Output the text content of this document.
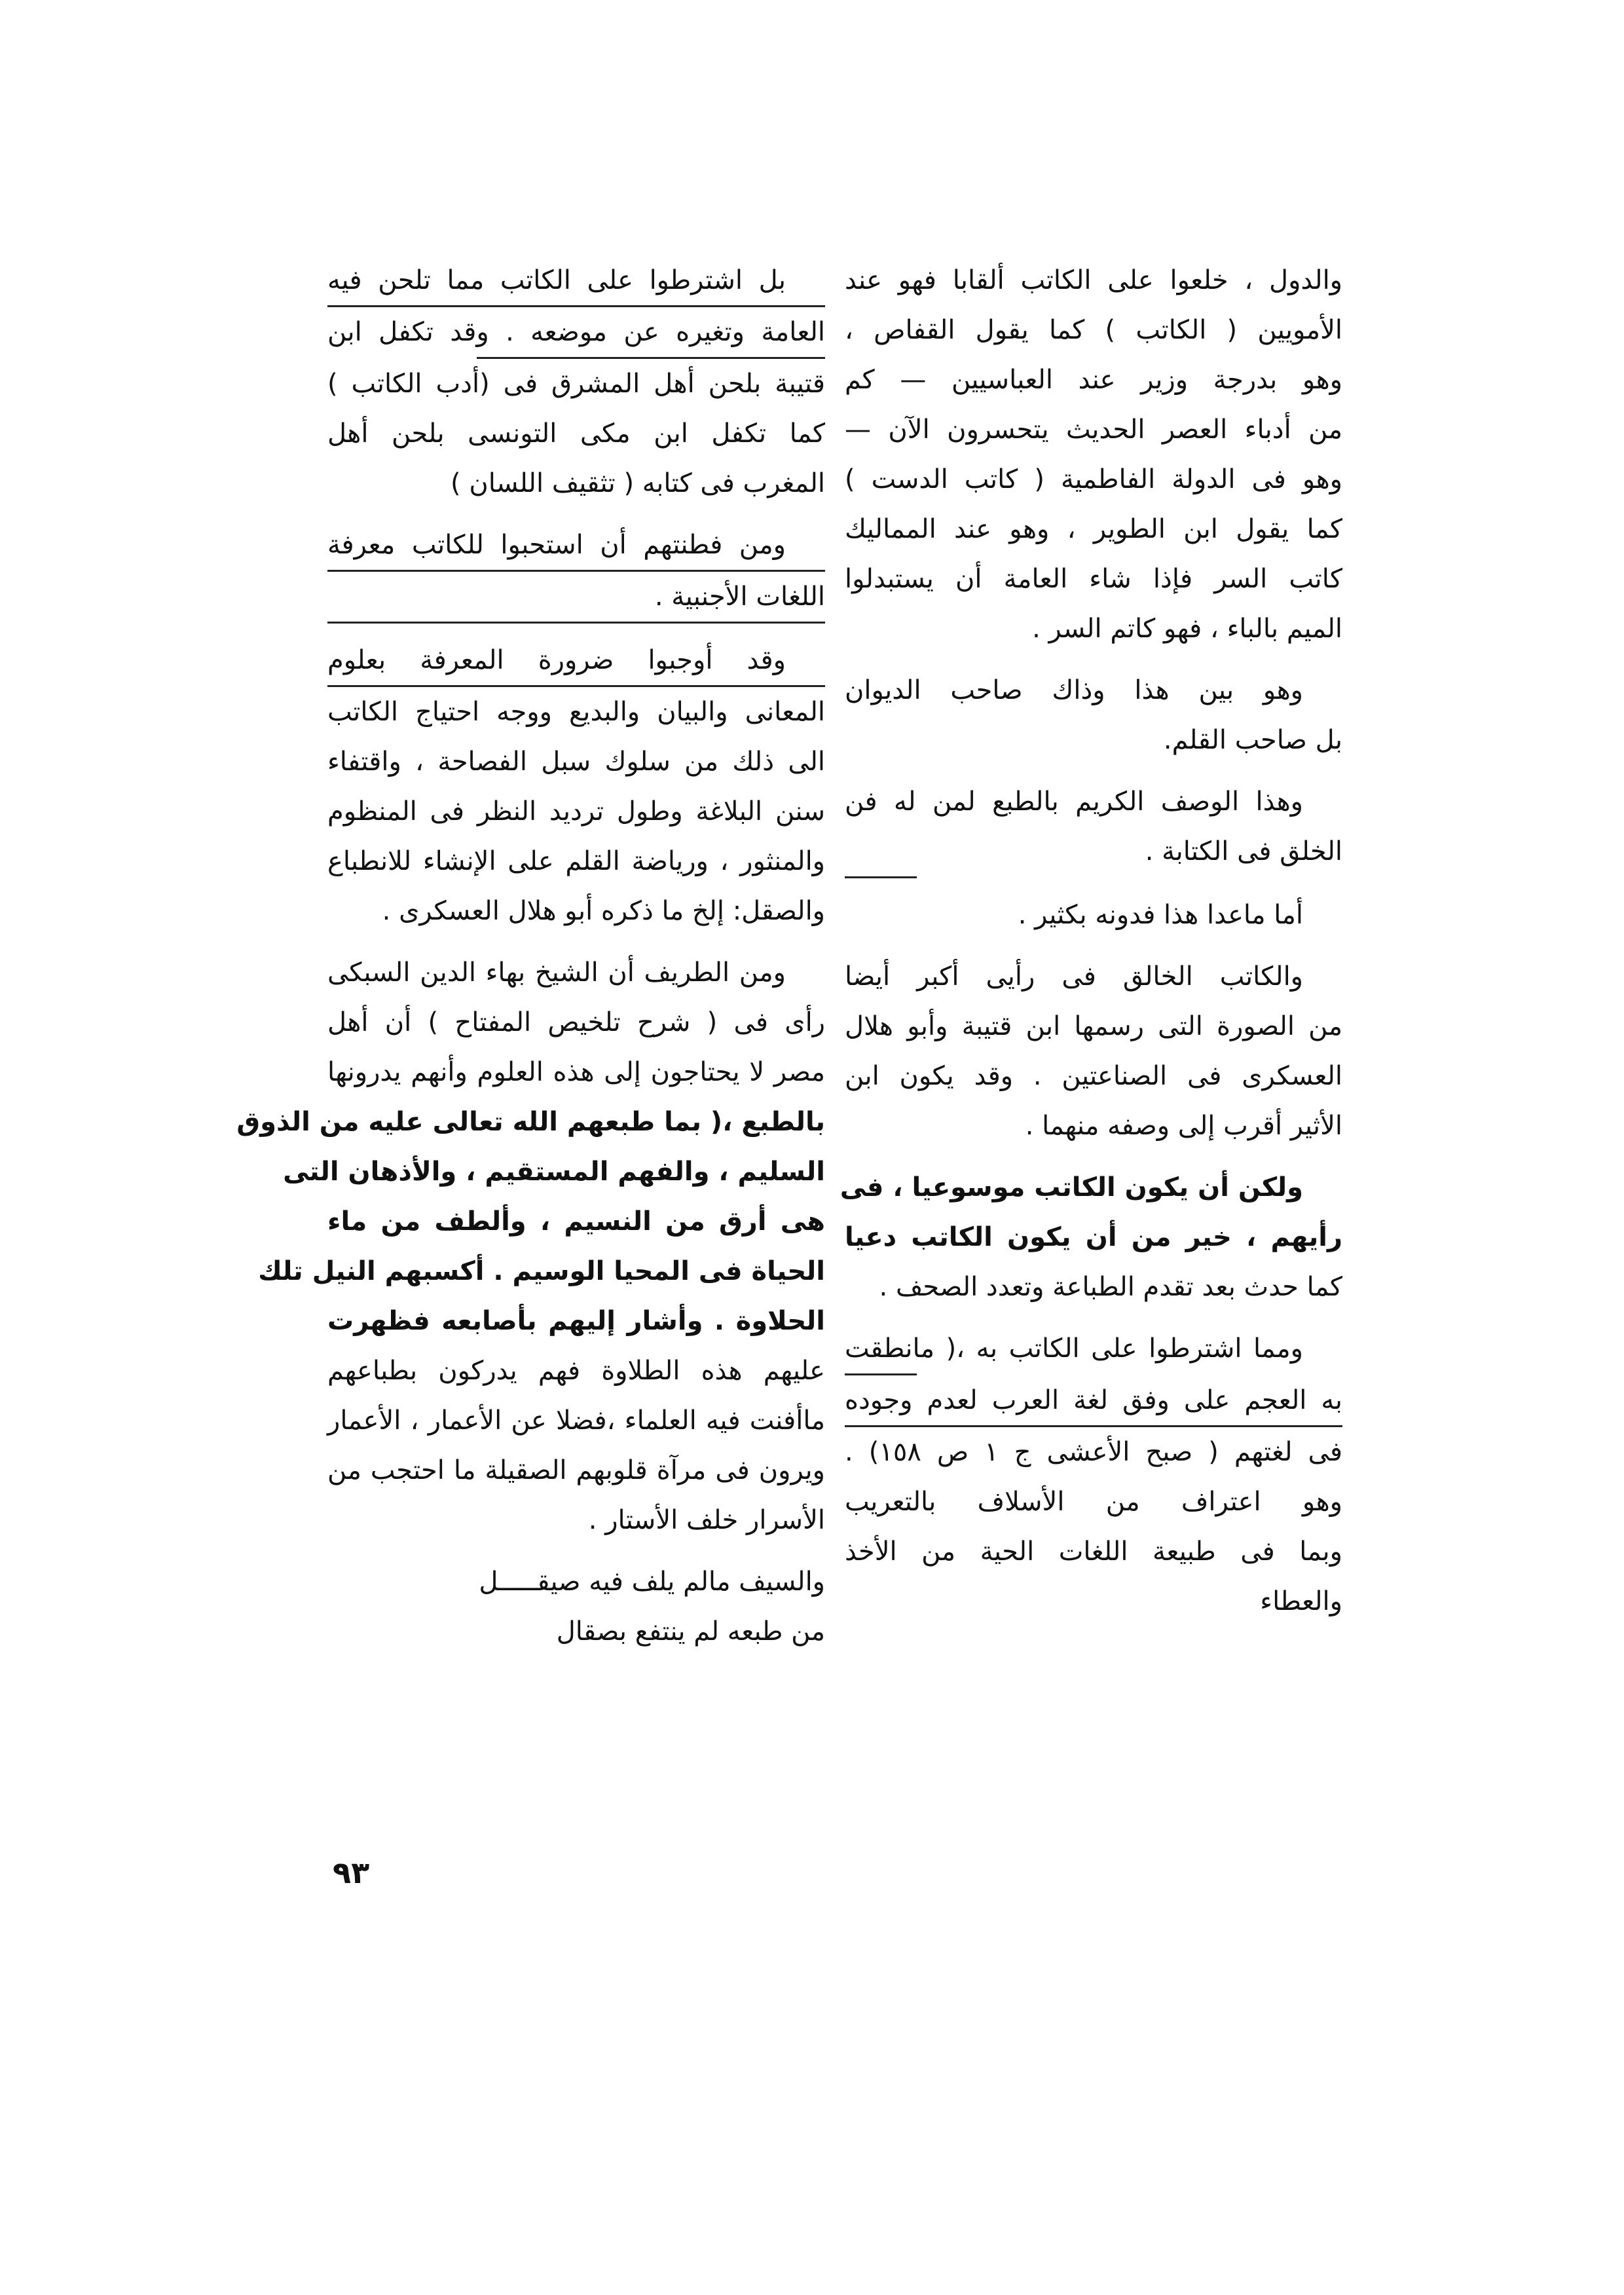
والدول ، خلعوا على الكاتب ألقابا فهو عند
الأمويين ( الكاتب ) كما يقول القفاص ،
وهو بدرجة وزير عند العباسيين — كم
من أدباء العصر الحديث يتحسرون الآن —
وهو فى الدولة الفاطمية ( كاتب الدست )
كما يقول ابن الطوير ، وهو عند المماليك
كاتب السر فإذا شاء العامة أن يستبدلوا
الميم بالباء ، فهو كاتم السر .
وهو بين هذا وذاك صاحب الديوان
بل صاحب القلم.
وهذا الوصف الكريم بالطبع لمن له فن
الخلق فى الكتابة .
أما ماعدا هذا فدونه بكثير .
والكاتب الخالق فى رأيى أكبر أيضا
من الصورة التى رسمها ابن قتيبة وأبو هلال
العسكرى فى الصناعتين . وقد يكون ابن
الأثير أقرب إلى وصفه منهما .
ولكن أن يكون الكاتب موسوعيا ، فى
رأيهم ، خير من أن يكون الكاتب دعيا
كما حدث بعد تقدم الطباعة وتعدد الصحف .
ومما اشترطوا على الكاتب به ،( مانطقت
به العجم على وفق لغة العرب لعدم وجوده
فى لغتهم ( صبح الأعشى ج ١ ص ١٥٨) .
وهو اعتراف من الأسلاف بالتعريب
وبما فى طبيعة اللغات الحية من الأخذ
والعطاء
بل اشترطوا على الكاتب مما تلحن فيه
العامة وتغيره عن موضعه . وقد تكفل ابن
قتيبة بلحن أهل المشرق فى (أدب الكاتب )
كما تكفل ابن مكى التونسى بلحن أهل
المغرب فى كتابه ( تثقيف اللسان )
ومن فطنتهم أن استحبوا للكاتب معرفة
اللغات الأجنبية .
وقد أوجبوا ضرورة المعرفة بعلوم
المعانى والبيان والبديع ووجه احتياج الكاتب
الى ذلك من سلوك سبل الفصاحة ، واقتفاء
سنن البلاغة وطول ترديد النظر فى المنظوم
والمنثور ، ورياضة القلم على الإنشاء للانطباع
والصقل: إلخ ما ذكره أبو هلال العسكرى .
ومن الطريف أن الشيخ بهاء الدين السبكى
رأى فى ( شرح تلخيص المفتاح ) أن أهل
مصر لا يحتاجون إلى هذه العلوم وأنهم يدرونها
بالطبع ،( بما طبعهم الله تعالى عليه من الذوق
السليم ، والفهم المستقيم ، والأذهان التى
هى أرق من النسيم ، وألطف من ماء
الحياة فى المحيا الوسيم . أكسبهم النيل تلك
الحلاوة . وأشار إليهم بأصابعه فظهرت
عليهم هذه الطلاوة فهم يدركون بطباعهم
ماأفنت فيه العلماء ،فضلا عن الأعمار ، الأعمار
ويرون فى مرآة قلوبهم الصقيلة ما احتجب من
الأسرار خلف الأستار .
والسيف مالم يلف فيه صيقـــــل
من طبعه لم ينتفع بصقال
٩٣
